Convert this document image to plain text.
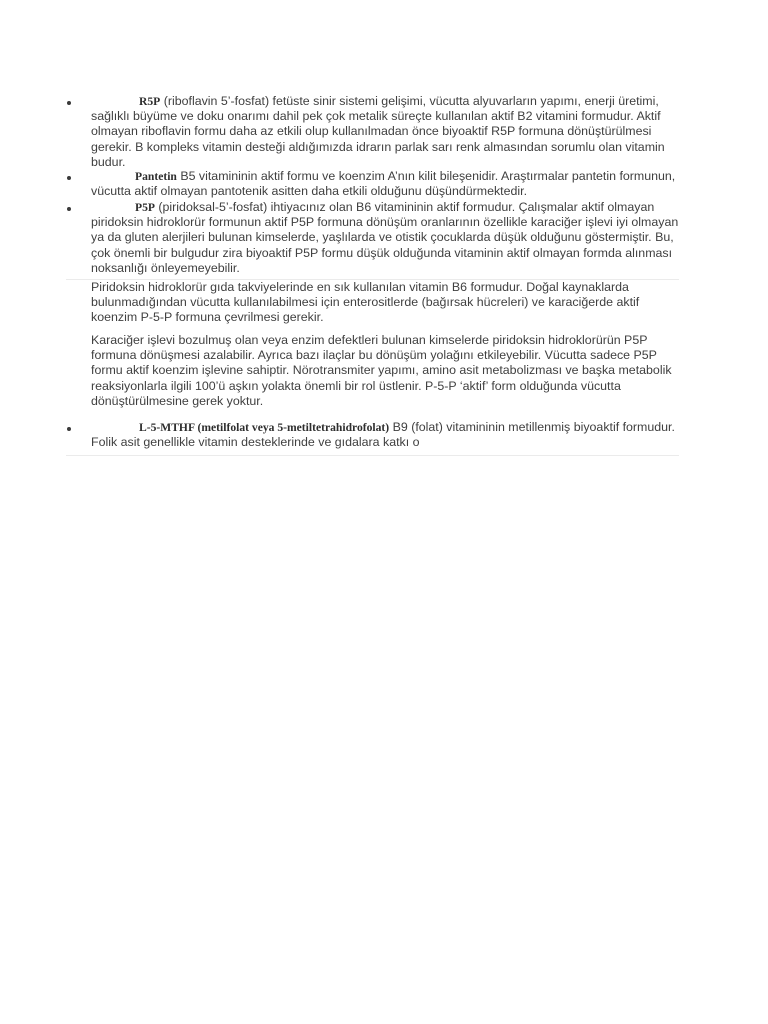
R5P (riboflavin 5’-fosfat) fetüste sinir sistemi gelişimi, vücutta alyuvarların yapımı, enerji üretimi, sağlıklı büyüme ve doku onarımı dahil pek çok metalik süreçte kullanılan aktif B2 vitamini formudur. Aktif olmayan riboflavin formu daha az etkili olup kullanılmadan önce biyoaktif R5P formuna dönüştürülmesi gerekir. B kompleks vitamin desteği aldığımızda idrarın parlak sarı renk almasından sorumlu olan vitamin budur.
Pantetin B5 vitamininin aktif formu ve koenzim A’nın kilit bileşenidir. Araştırmalar pantetin formunun, vücutta aktif olmayan pantotenik asitten daha etkili olduğunu düşündürmektedir.
P5P (piridoksal-5’-fosfat) ihtiyacınız olan B6 vitamininin aktif formudur. Çalışmalar aktif olmayan piridoksin hidroklorür formunun aktif P5P formuna dönüşüm oranlarının özellikle karaciğer işlevi iyi olmayan ya da gluten alerjileri bulunan kimselerde, yaşlılarda ve otistik çocuklarda düşük olduğunu göstermiştir. Bu, çok önemli bir bulgudur zira biyoaktif P5P formu düşük olduğunda vitaminin aktif olmayan formda alınması noksanlığı önleyemeyebilir.
Piridoksin hidroklorür gıda takviyelerinde en sık kullanılan vitamin B6 formudur. Doğal kaynaklarda bulunmadığından vücutta kullanılabilmesi için enterositlerde (bağırsak hücreleri) ve karaciğerde aktif koenzim P-5-P formuna çevrilmesi gerekir.
Karaciğer işlevi bozulmuş olan veya enzim defektleri bulunan kimselerde piridoksin hidroklorürün P5P formuna dönüşmesi azalabilir. Ayrıca bazı ilaçlar bu dönüşüm yolağını etkileyebilir. Vücutta sadece P5P formu aktif koenzim işlevine sahiptir. Nörotransmiter yapımı, amino asit metabolizması ve başka metabolik reaksiyonlarla ilgili 100’ü aşkın yolakta önemli bir rol üstlenir. P-5-P ‘aktif’ form olduğunda vücutta dönüştürülmesine gerek yoktur.
L-5-MTHF (metilfolat veya 5-metiltetrahidrofolat) B9 (folat) vitamininin metillenmiş biyoaktif formudur. Folik asit genellikle vitamin desteklerinde ve gıdalara katkı o
